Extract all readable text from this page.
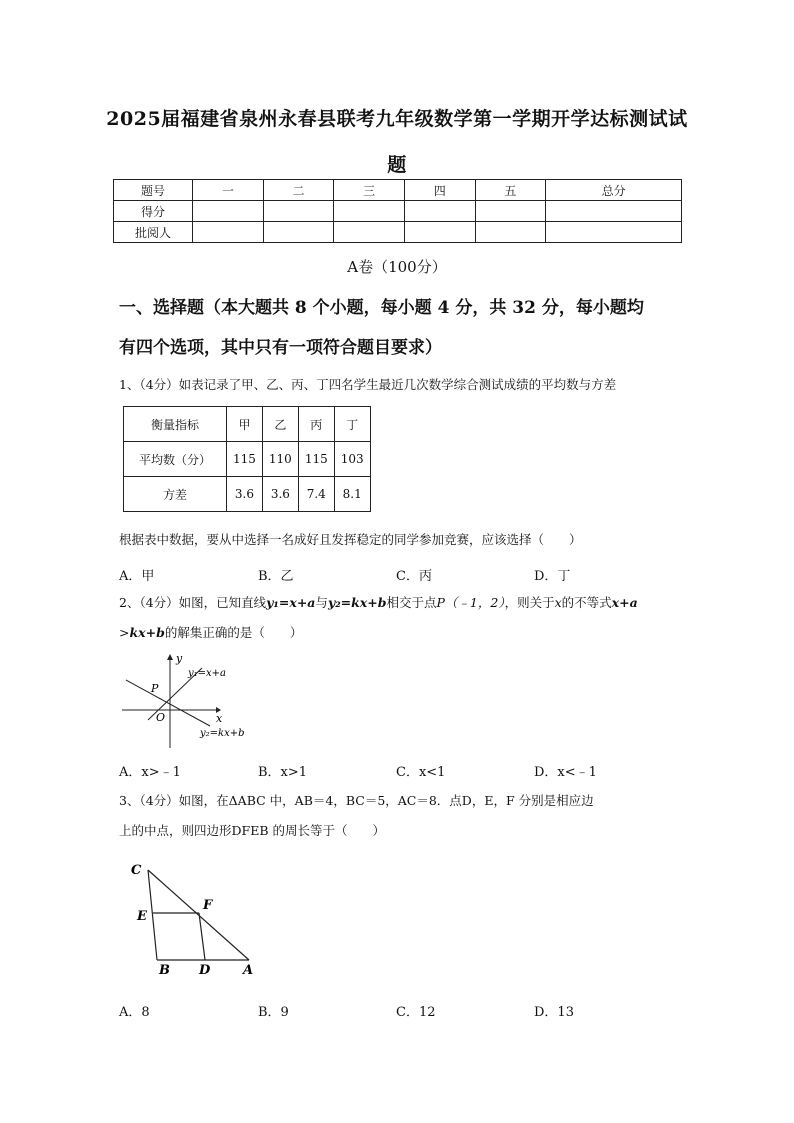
2025届福建省泉州永春县联考九年级数学第一学期开学达标测试试
题
题号	一	二	三	四	五	总分
得分						
批阅人						
A卷（100分）
一、选择题（本大题共 8 个小题，每小题 4 分，共 32 分，每小题均
有四个选项，其中只有一项符合题目要求）
1、（4分）如表记录了甲、乙、丙、丁四名学生最近几次数学综合测试成绩的平均数与方差
衡量指标	甲	乙	丙	丁
平均数（分）	115	110	115	103
方差	3.6	3.6	7.4	8.1
根据表中数据，要从中选择一名成好且发挥稳定的同学参加竞赛，应该选择（　　）
A．甲	B．乙	C．丙	D．丁
2、（4分）如图，已知直线y₁=x+a与y₂=kx+b相交于点P（﹣1，2），则关于x的不等式x+a
>kx+b的解集正确的是（　　）
y
x
P
O
y₁=x+a
y₂=kx+b
A．x>﹣1	B．x>1	C．x<1	D．x<﹣1
3、（4分）如图，在ΔABC 中，AB＝4，BC＝5，AC＝8．点D，E，F 分别是相应边
上的中点，则四边形DFEB 的周长等于（　　）
C
E
F
B D	A
A．8	B．9	C．12	D．13
